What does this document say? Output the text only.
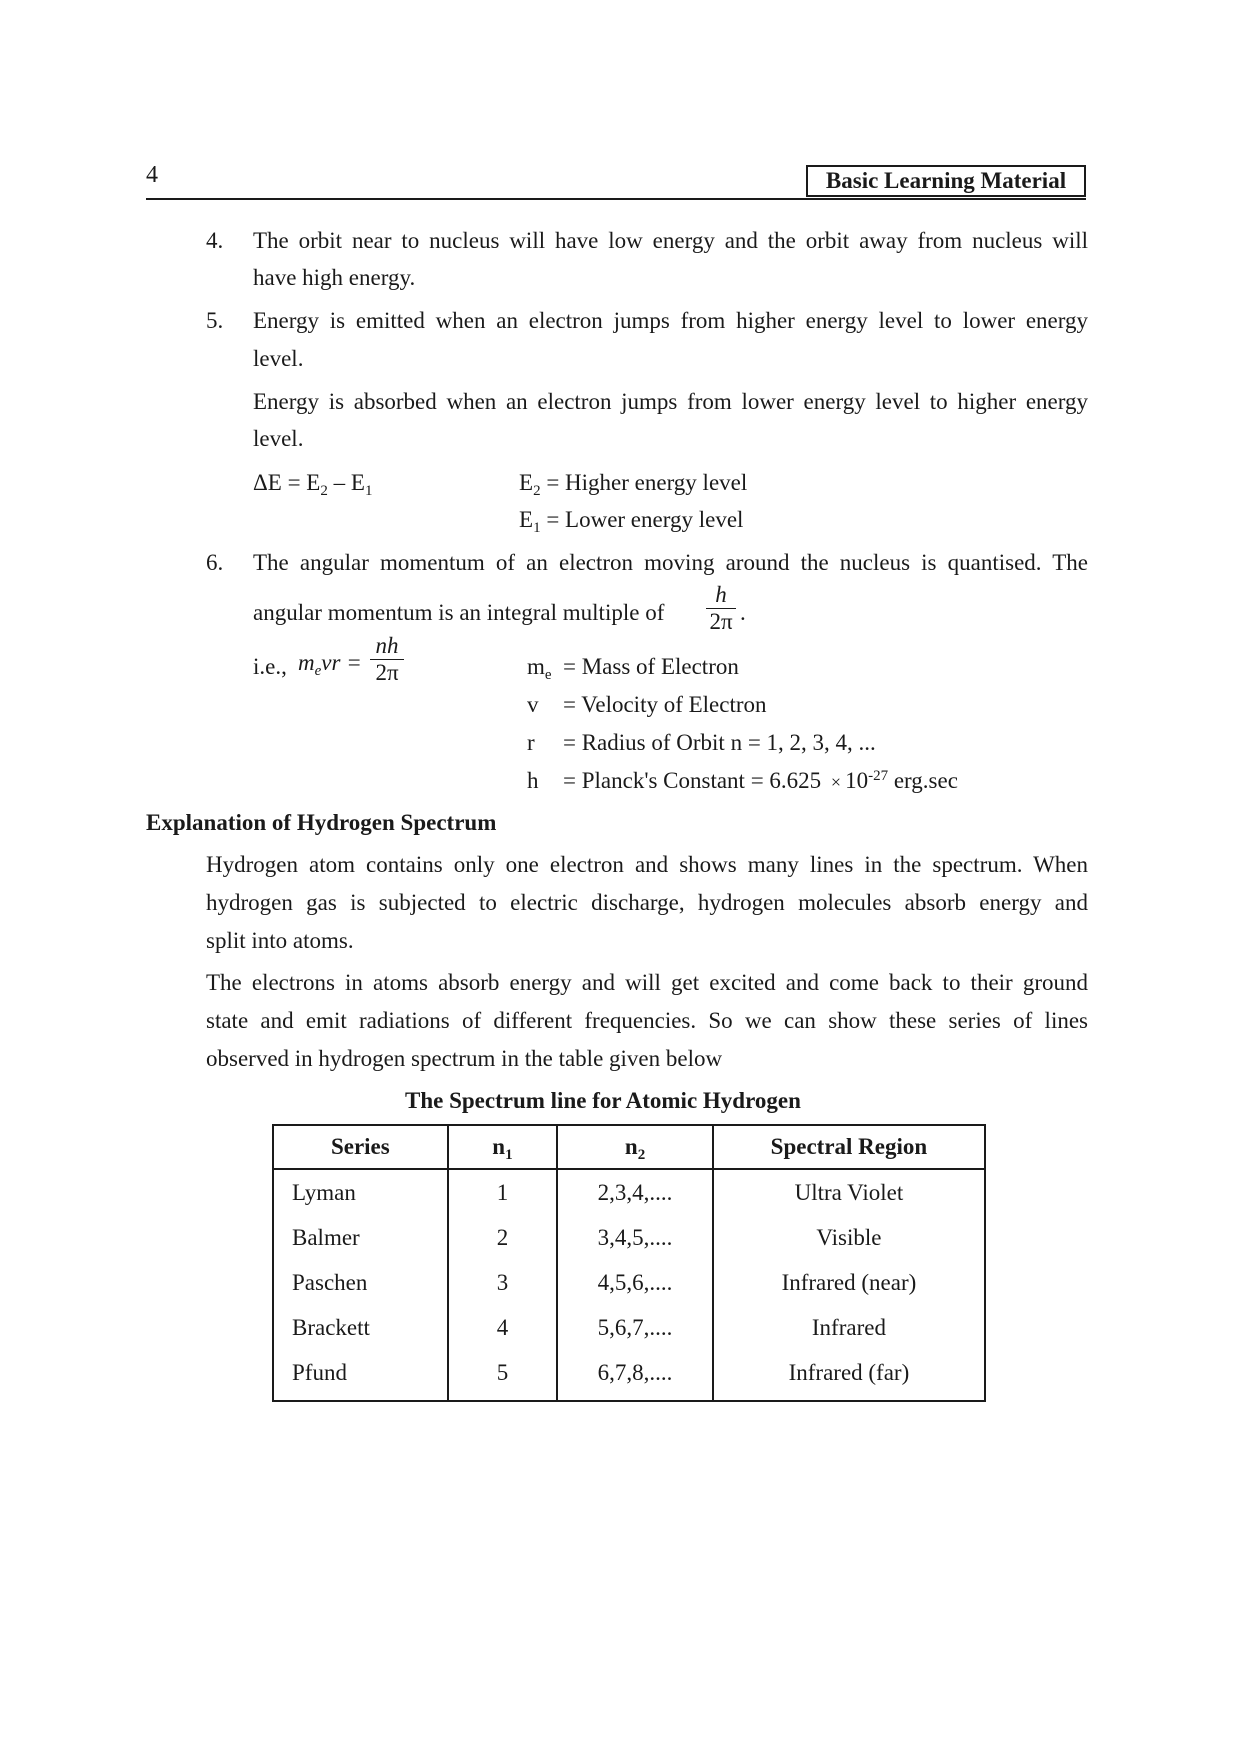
4	Basic Learning Material
4. The orbit near to nucleus will have low energy and the orbit away from nucleus will
have high energy.
5. Energy is emitted when an electron jumps from higher energy level to lower energy
level.
Energy is absorbed when an electron jumps from lower energy level to higher energy
level.
$\Delta E = E_2 - E_1$	$E_2$ = Higher energy level
$E_1$ = Lower energy level
6. The angular momentum of an electron moving around the nucleus is quantised. The
angular momentum is an integral multiple of
h
2π .
i.e., $m_evr$ =
nh
2π	$m_e$ = Mass of Electron
v = Velocity of Electron
r = Radius of Orbit n = 1, 2, 3, 4, ...
h = Planck's Constant = $6.625 \times 10^{-27}$ erg.sec
Explanation of Hydrogen Spectrum
Hydrogen atom contains only one electron and shows many lines in the spectrum. When
hydrogen gas is subjected to electric discharge, hydrogen molecules absorb energy and
split into atoms.
The electrons in atoms absorb energy and will get excited and come back to their ground
state and emit radiations of different frequencies. So we can show these series of lines
observed in hydrogen spectrum in the table given below
The Spectrum line for Atomic Hydrogen
Series	$n_1$	$n_2$	Spectral Region
Lyman	1	2,3,4,....	Ultra Violet
Balmer	2	3,4,5,....	Visible
Paschen	3	4,5,6,....	Infrared (near)
Brackett	4	5,6,7,....	Infrared
Pfund	5	6,7,8,....	Infrared (far)
